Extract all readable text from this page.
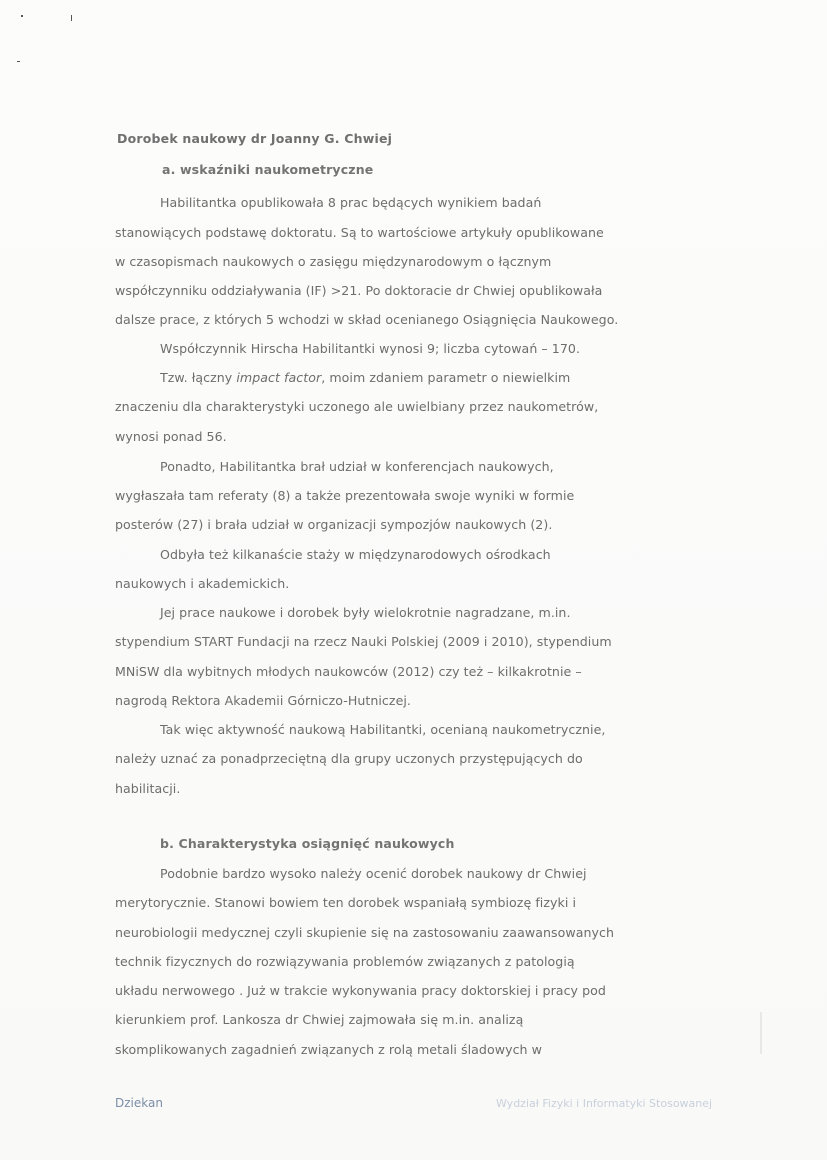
Dorobek naukowy dr Joanny G. Chwiej
a. wskaźniki naukometryczne
Habilitantka opublikowała 8 prac będących wynikiem badań
stanowiących podstawę doktoratu. Są to wartościowe artykuły opublikowane
w czasopismach naukowych o zasięgu międzynarodowym o łącznym
współczynniku oddziaływania (IF) >21. Po doktoracie dr Chwiej opublikowała
dalsze prace, z których 5 wchodzi w skład ocenianego Osiągnięcia Naukowego.
Współczynnik Hirscha Habilitantki wynosi 9; liczba cytowań – 170.
Tzw. łączny impact factor, moim zdaniem parametr o niewielkim
znaczeniu dla charakterystyki uczonego ale uwielbiany przez naukometrów,
wynosi ponad 56.
Ponadto, Habilitantka brał udział w konferencjach naukowych,
wygłaszała tam referaty (8) a także prezentowała swoje wyniki w formie
posterów (27) i brała udział w organizacji sympozjów naukowych (2).
Odbyła też kilkanaście staży w międzynarodowych ośrodkach
naukowych i akademickich.
Jej prace naukowe i dorobek były wielokrotnie nagradzane, m.in.
stypendium START Fundacji na rzecz Nauki Polskiej (2009 i 2010), stypendium
MNiSW dla wybitnych młodych naukowców (2012) czy też – kilkakrotnie –
nagrodą Rektora Akademii Górniczo-Hutniczej.
Tak więc aktywność naukową Habilitantki, ocenianą naukometrycznie,
należy uznać za ponadprzeciętną dla grupy uczonych przystępujących do
habilitacji.
b. Charakterystyka osiągnięć naukowych
Podobnie bardzo wysoko należy ocenić dorobek naukowy dr Chwiej
merytorycznie. Stanowi bowiem ten dorobek wspaniałą symbiozę fizyki i
neurobiologii medycznej czyli skupienie się na zastosowaniu zaawansowanych
technik fizycznych do rozwiązywania problemów związanych z patologią
układu nerwowego . Już w trakcie wykonywania pracy doktorskiej i pracy pod
kierunkiem prof. Lankosza dr Chwiej zajmowała się m.in. analizą
skomplikowanych zagadnień związanych z rolą metali śladowych w
Dziekan	Wydział Fizyki i Informatyki Stosowanej
